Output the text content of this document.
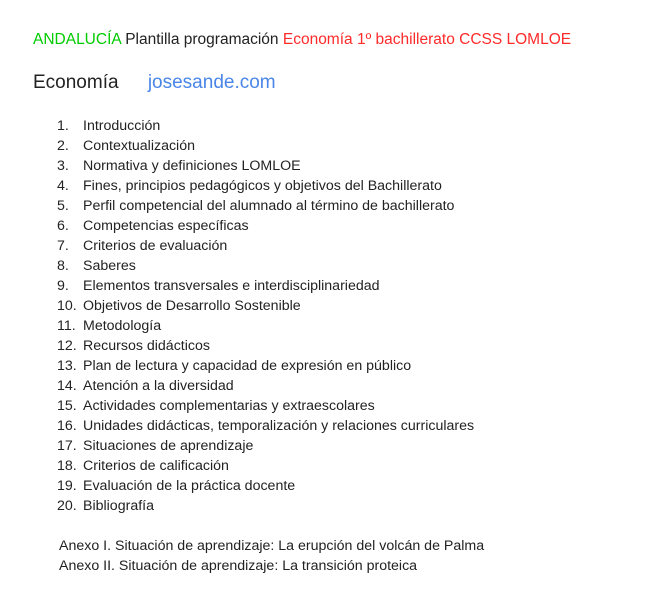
ANDALUCÍA Plantilla programación Economía 1º bachillerato CCSS LOMLOE
Economía josesande.com
1. Introducción
2. Contextualización
3. Normativa y definiciones LOMLOE
4. Fines, principios pedagógicos y objetivos del Bachillerato
5. Perfil competencial del alumnado al término de bachillerato
6. Competencias específicas
7. Criterios de evaluación
8. Saberes
9. Elementos transversales e interdisciplinariedad
10. Objetivos de Desarrollo Sostenible
11. Metodología
12. Recursos didácticos
13. Plan de lectura y capacidad de expresión en público
14. Atención a la diversidad
15. Actividades complementarias y extraescolares
16. Unidades didácticas, temporalización y relaciones curriculares
17. Situaciones de aprendizaje
18. Criterios de calificación
19. Evaluación de la práctica docente
20. Bibliografía
Anexo I. Situación de aprendizaje: La erupción del volcán de Palma
Anexo II. Situación de aprendizaje: La transición proteica
